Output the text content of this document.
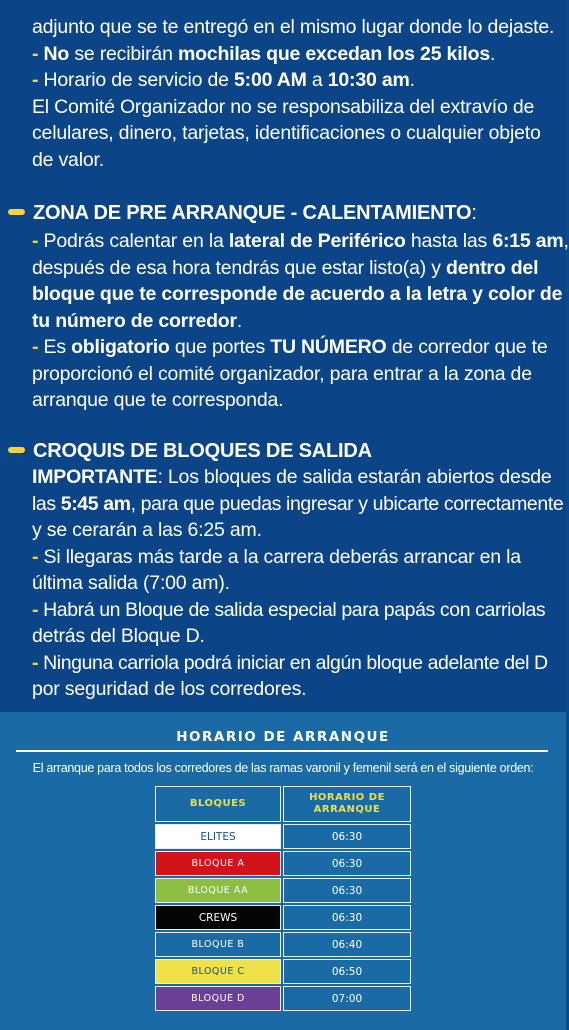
adjunto que se te entregó en el mismo lugar donde lo dejaste.
- No se recibirán mochilas que excedan los 25 kilos.
- Horario de servicio de 5:00 AM a 10:30 am.
El Comité Organizador no se responsabiliza del extravío de
celulares, dinero, tarjetas, identificaciones o cualquier objeto
de valor.
ZONA DE PRE ARRANQUE - CALENTAMIENTO:
- Podrás calentar en la lateral de Periférico hasta las 6:15 am,
después de esa hora tendrás que estar listo(a) y dentro del
bloque que te corresponde de acuerdo a la letra y color de
tu número de corredor.
- Es obligatorio que portes TU NÚMERO de corredor que te
proporcionó el comité organizador, para entrar a la zona de
arranque que te corresponda.
CROQUIS DE BLOQUES DE SALIDA
IMPORTANTE: Los bloques de salida estarán abiertos desde
las 5:45 am, para que puedas ingresar y ubicarte correctamente
y se cerarán a las 6:25 am.
- Si llegaras más tarde a la carrera deberás arrancar en la
última salida (7:00 am).
- Habrá un Bloque de salida especial para papás con carriolas
detrás del Bloque D.
- Ninguna carriola podrá iniciar en algún bloque adelante del D
por seguridad de los corredores.
HORARIO DE ARRANQUE
El arranque para todos los corredores de las ramas varonil y femenil será en el siguiente orden:
BLOQUES
HORARIO DE ARRANQUE
ELITES	06:30
BLOQUE A	06:30
BLOQUE AA	06:30
CREWS	06:30
BLOQUE B	06:40
BLOQUE C	06:50
BLOQUE D	07:00
